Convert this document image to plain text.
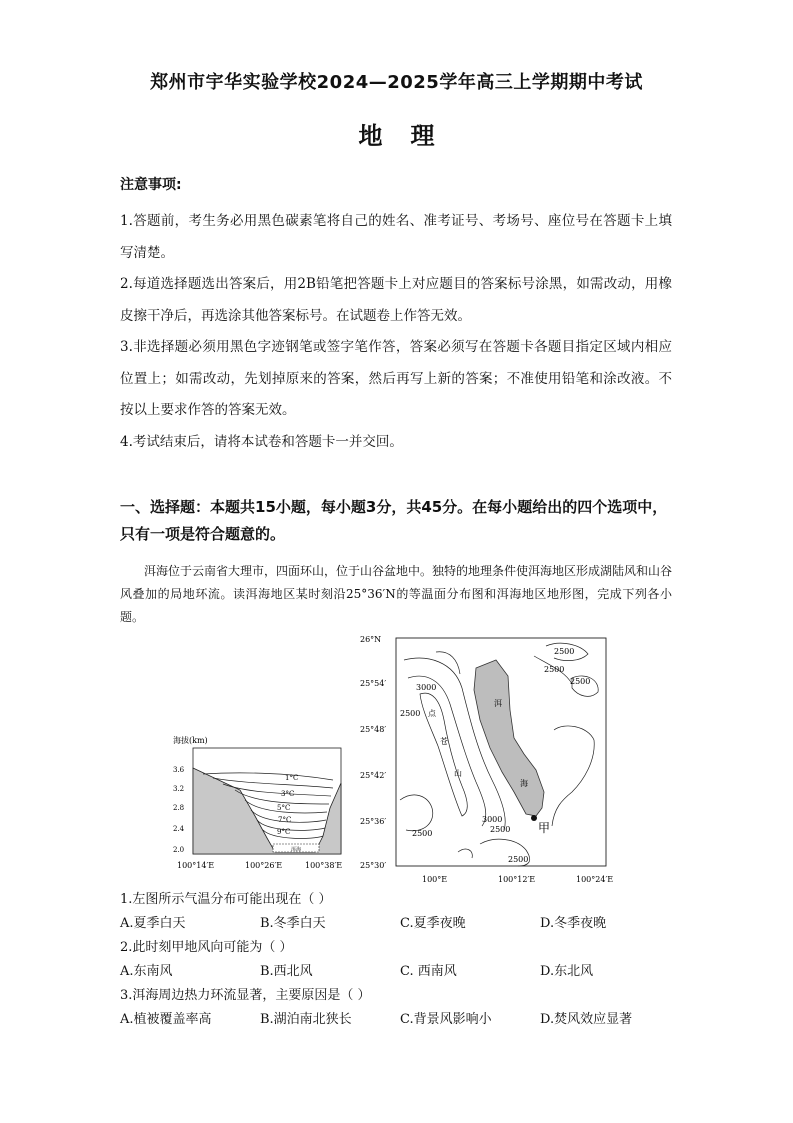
郑州市宇华实验学校2024—2025学年高三上学期期中考试
地理
注意事项:

1.答题前，考生务必用黑色碳素笔将自己的姓名、准考证号、考场号、座位号在答题卡上填写清楚。

2.每道选择题选出答案后，用2B铅笔把答题卡上对应题目的答案标号涂黑，如需改动，用橡皮擦干净后，再选涂其他答案标号。在试题卷上作答无效。

3.非选择题必须用黑色字迹钢笔或签字笔作答，答案必须写在答题卡各题目指定区域内相应位置上；如需改动，先划掉原来的答案，然后再写上新的答案；不准使用铅笔和涂改液。不按以上要求作答的答案无效。

4.考试结束后，请将本试卷和答题卡一并交回。

一、选择题：本题共15小题，每小题3分，共45分。在每小题给出的四个选项中，只有一项是符合题意的。
洱海位于云南省大理市，四面环山，位于山谷盆地中。独特的地理条件使洱海地区形成湖陆风和山谷风叠加的局地环流。读洱海地区某时刻沿25°36′N的等温面分布图和洱海地区地形图，完成下列各小题。
海拔(km)
洱海
1°C
3°C
5°C
7°C
9°C
3.6
3.2
2.8
2.4
2.0
100°14′E	100°26′E	100°38′E
3000
2500
2500
2500
3000
2500
2500
2500
2500
点
苍
山
洱
海
甲
26°N
25°54′
25°48′
25°42′
25°36′
25°30′
100°E	100°12′E	100°24′E
1.左图所示气温分布可能出现在（ ）
A.夏季白天	B.冬季白天	C.夏季夜晚	D.冬季夜晚
2.此时刻甲地风向可能为（ ）
A.东南风	B.西北风	C. 西南风	D.东北风
3.洱海周边热力环流显著，主要原因是（ ）
A.植被覆盖率高	B.湖泊南北狭长	C.背景风影响小	D.焚风效应显著
